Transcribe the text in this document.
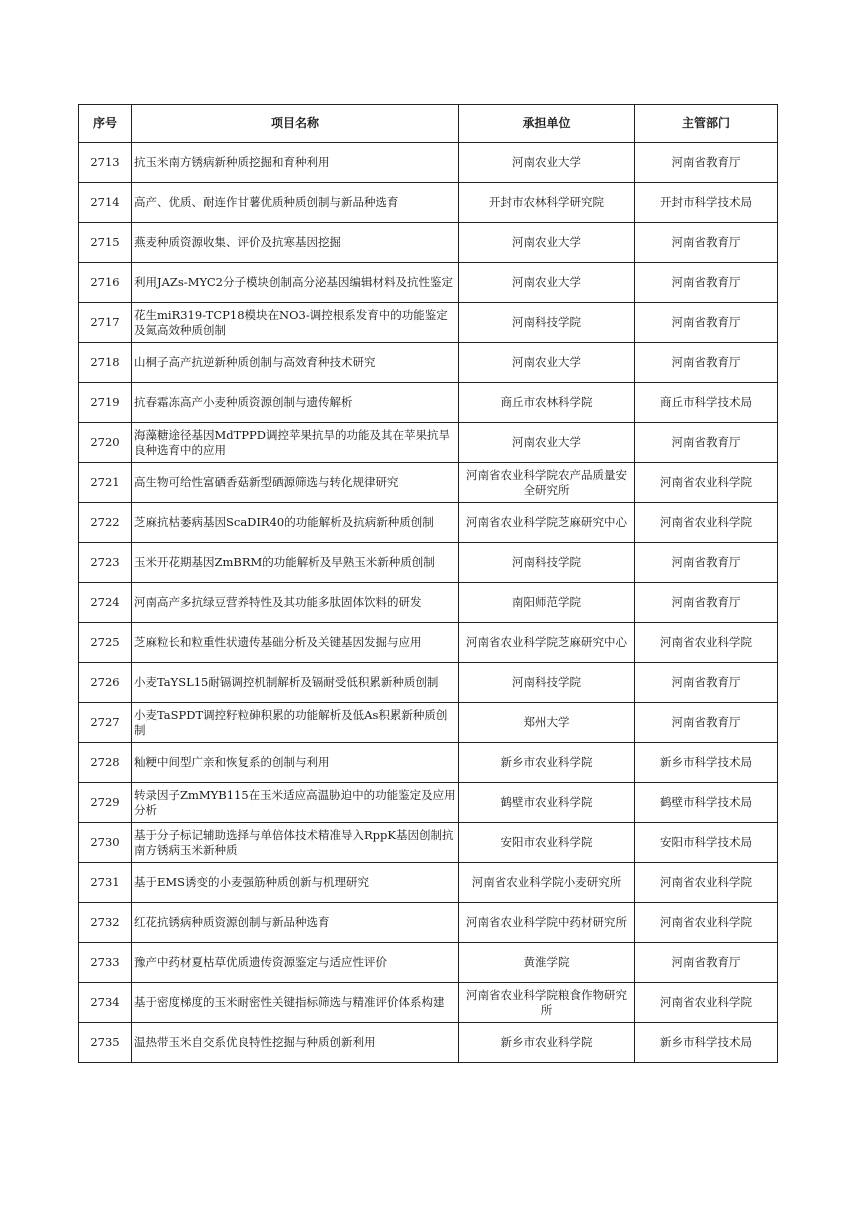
序号	项目名称	承担单位	主管部门
2713	抗玉米南方锈病新种质挖掘和育种利用	河南农业大学	河南省教育厅
2714	高产、优质、耐连作甘薯优质种质创制与新品种选育	开封市农林科学研究院	开封市科学技术局
2715	燕麦种质资源收集、评价及抗寒基因挖掘	河南农业大学	河南省教育厅
2716	利用JAZs-MYC2分子模块创制高分泌基因编辑材料及抗性鉴定	河南农业大学	河南省教育厅
2717	花生miR319-TCP18模块在NO3-调控根系发育中的功能鉴定及氮高效种质创制	河南科技学院	河南省教育厅
2718	山桐子高产抗逆新种质创制与高效育种技术研究	河南农业大学	河南省教育厅
2719	抗春霜冻高产小麦种质资源创制与遗传解析	商丘市农林科学院	商丘市科学技术局
2720	海藻糖途径基因MdTPPD调控苹果抗旱的功能及其在苹果抗旱良种选育中的应用	河南农业大学	河南省教育厅
2721	高生物可给性富硒香菇新型硒源筛选与转化规律研究	河南省农业科学院农产品质量安全研究所	河南省农业科学院
2722	芝麻抗枯萎病基因ScaDIR40的功能解析及抗病新种质创制	河南省农业科学院芝麻研究中心	河南省农业科学院
2723	玉米开花期基因ZmBRM的功能解析及早熟玉米新种质创制	河南科技学院	河南省教育厅
2724	河南高产多抗绿豆营养特性及其功能多肽固体饮料的研发	南阳师范学院	河南省教育厅
2725	芝麻粒长和粒重性状遗传基础分析及关键基因发掘与应用	河南省农业科学院芝麻研究中心	河南省农业科学院
2726	小麦TaYSL15耐镉调控机制解析及镉耐受低积累新种质创制	河南科技学院	河南省教育厅
2727	小麦TaSPDT调控籽粒砷积累的功能解析及低As积累新种质创制	郑州大学	河南省教育厅
2728	籼粳中间型广亲和恢复系的创制与利用	新乡市农业科学院	新乡市科学技术局
2729	转录因子ZmMYB115在玉米适应高温胁迫中的功能鉴定及应用分析	鹤壁市农业科学院	鹤壁市科学技术局
2730	基于分子标记辅助选择与单倍体技术精准导入RppK基因创制抗南方锈病玉米新种质	安阳市农业科学院	安阳市科学技术局
2731	基于EMS诱变的小麦强筋种质创新与机理研究	河南省农业科学院小麦研究所	河南省农业科学院
2732	红花抗锈病种质资源创制与新品种选育	河南省农业科学院中药材研究所	河南省农业科学院
2733	豫产中药材夏枯草优质遗传资源鉴定与适应性评价	黄淮学院	河南省教育厅
2734	基于密度梯度的玉米耐密性关键指标筛选与精准评价体系构建	河南省农业科学院粮食作物研究所	河南省农业科学院
2735	温热带玉米自交系优良特性挖掘与种质创新利用	新乡市农业科学院	新乡市科学技术局
